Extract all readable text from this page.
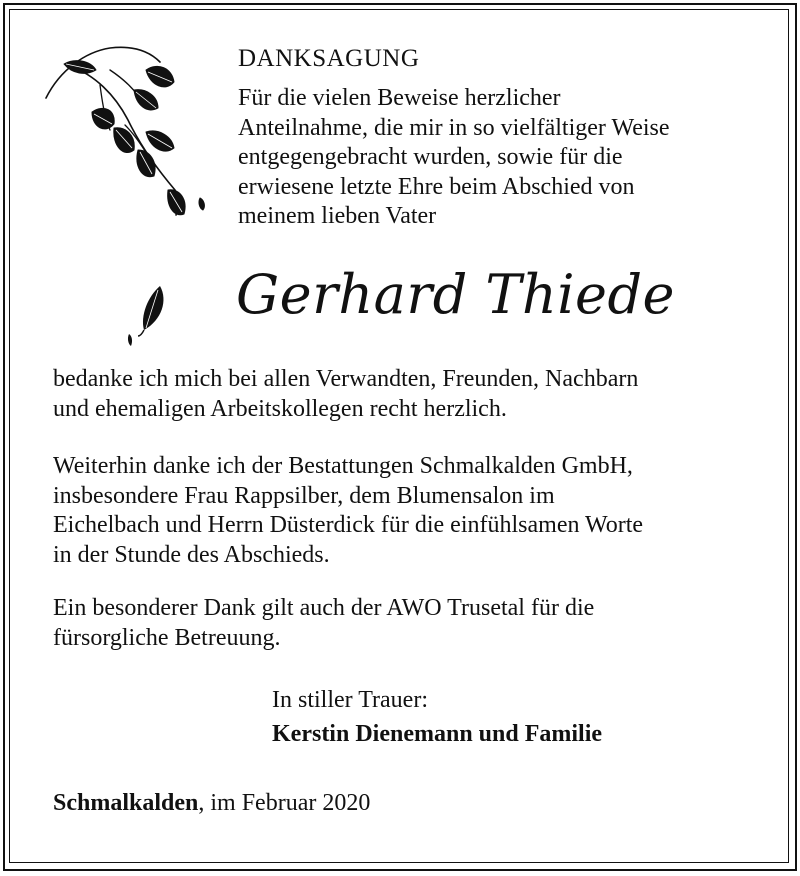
DANKSAGUNG
Für die vielen Beweise herzlicher
Anteilnahme, die mir in so vielfältiger Weise
entgegengebracht wurden, sowie für die
erwiesene letzte Ehre beim Abschied von
meinem lieben Vater
Gerhard Thiede
bedanke ich mich bei allen Verwandten, Freunden, Nachbarn
und ehemaligen Arbeitskollegen recht herzlich.
Weiterhin danke ich der Bestattungen Schmalkalden GmbH,
insbesondere Frau Rappsilber, dem Blumensalon im
Eichelbach und Herrn Düsterdick für die einfühlsamen Worte
in der Stunde des Abschieds.
Ein besonderer Dank gilt auch der AWO Trusetal für die
fürsorgliche Betreuung.
In stiller Trauer:
Kerstin Dienemann und Familie
Schmalkalden, im Februar 2020
